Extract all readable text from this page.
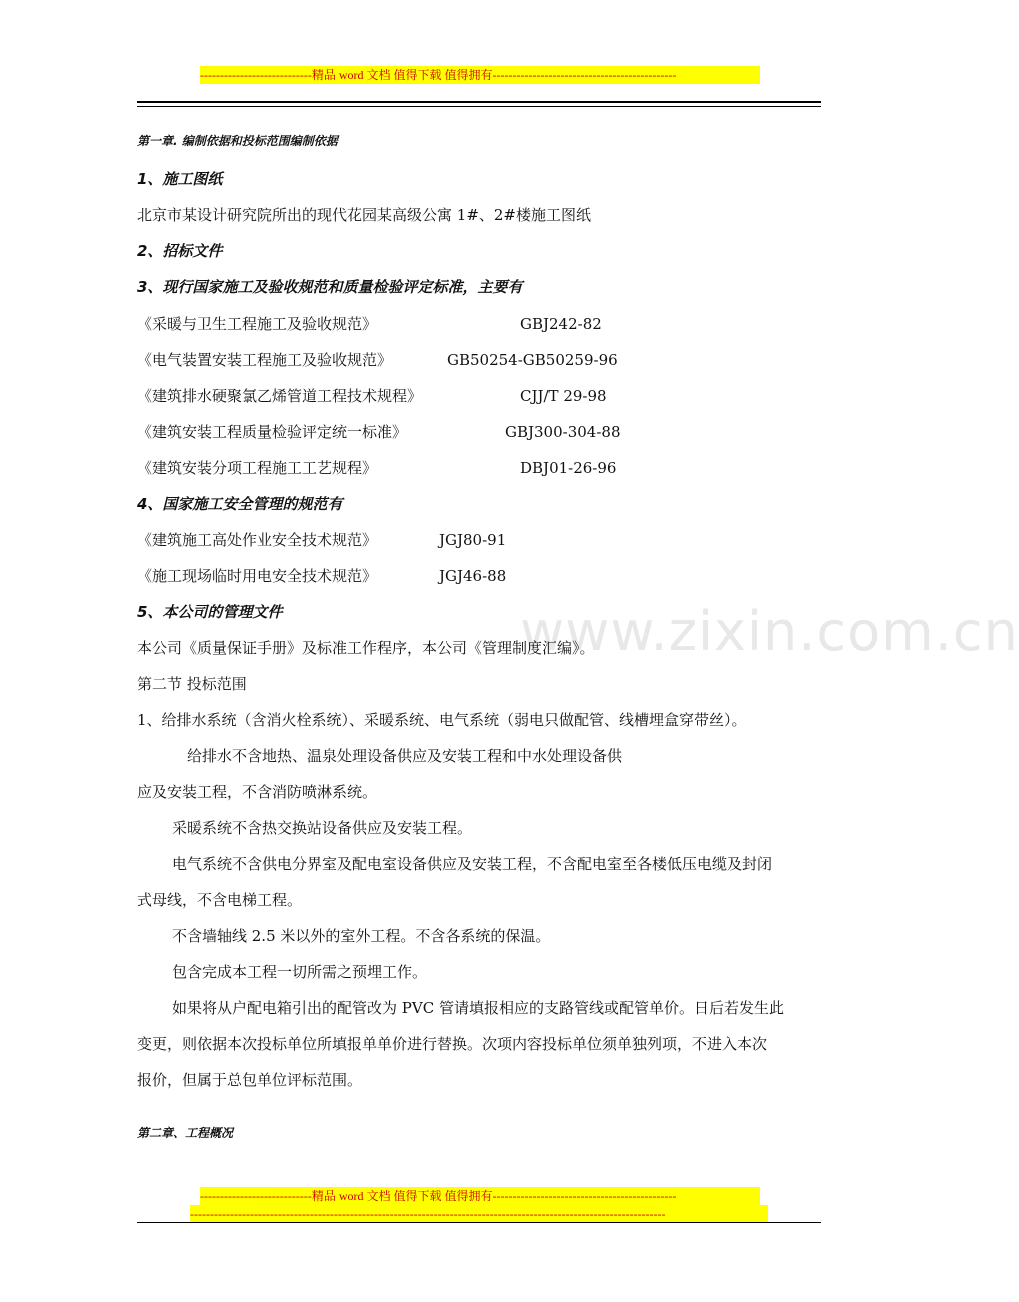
----------------------------精品 word 文档 值得下载 值得拥有----------------------------------------------
www.zixin.com.cn
第一章. 编制依据和投标范围编制依据
1、施工图纸
北京市某设计研究院所出的现代花园某高级公寓 1#、2#楼施工图纸
2、招标文件
3、现行国家施工及验收规范和质量检验评定标准，主要有
《采暖与卫生工程施工及验收规范》	GBJ242-82
《电气装置安装工程施工及验收规范》	GB50254-GB50259-96
《建筑排水硬聚氯乙烯管道工程技术规程》	CJJ/T 29-98
《建筑安装工程质量检验评定统一标准》	GBJ300-304-88
《建筑安装分项工程施工工艺规程》	DBJ01-26-96
4、国家施工安全管理的规范有
《建筑施工高处作业安全技术规范》	JGJ80-91
《施工现场临时用电安全技术规范》	JGJ46-88
5、本公司的管理文件
本公司《质量保证手册》及标准工作程序，本公司《管理制度汇编》。
第二节 投标范围
1、给排水系统（含消火栓系统）、采暖系统、电气系统（弱电只做配管、线槽埋盒穿带丝）。
给排水不含地热、温泉处理设备供应及安装工程和中水处理设备供
应及安装工程，不含消防喷淋系统。
采暖系统不含热交换站设备供应及安装工程。
电气系统不含供电分界室及配电室设备供应及安装工程，不含配电室至各楼低压电缆及封闭
式母线，不含电梯工程。
不含墙轴线 2.5 米以外的室外工程。不含各系统的保温。
包含完成本工程一切所需之预埋工作。
如果将从户配电箱引出的配管改为 PVC 管请填报相应的支路管线或配管单价。日后若发生此
变更，则依据本次投标单位所填报单单价进行替换。次项内容投标单位须单独列项，不进入本次
报价，但属于总包单位评标范围。
第二章、工程概况
----------------------------精品 word 文档 值得下载 值得拥有----------------------------------------------
-----------------------------------------------------------------------------------------------------------------------
